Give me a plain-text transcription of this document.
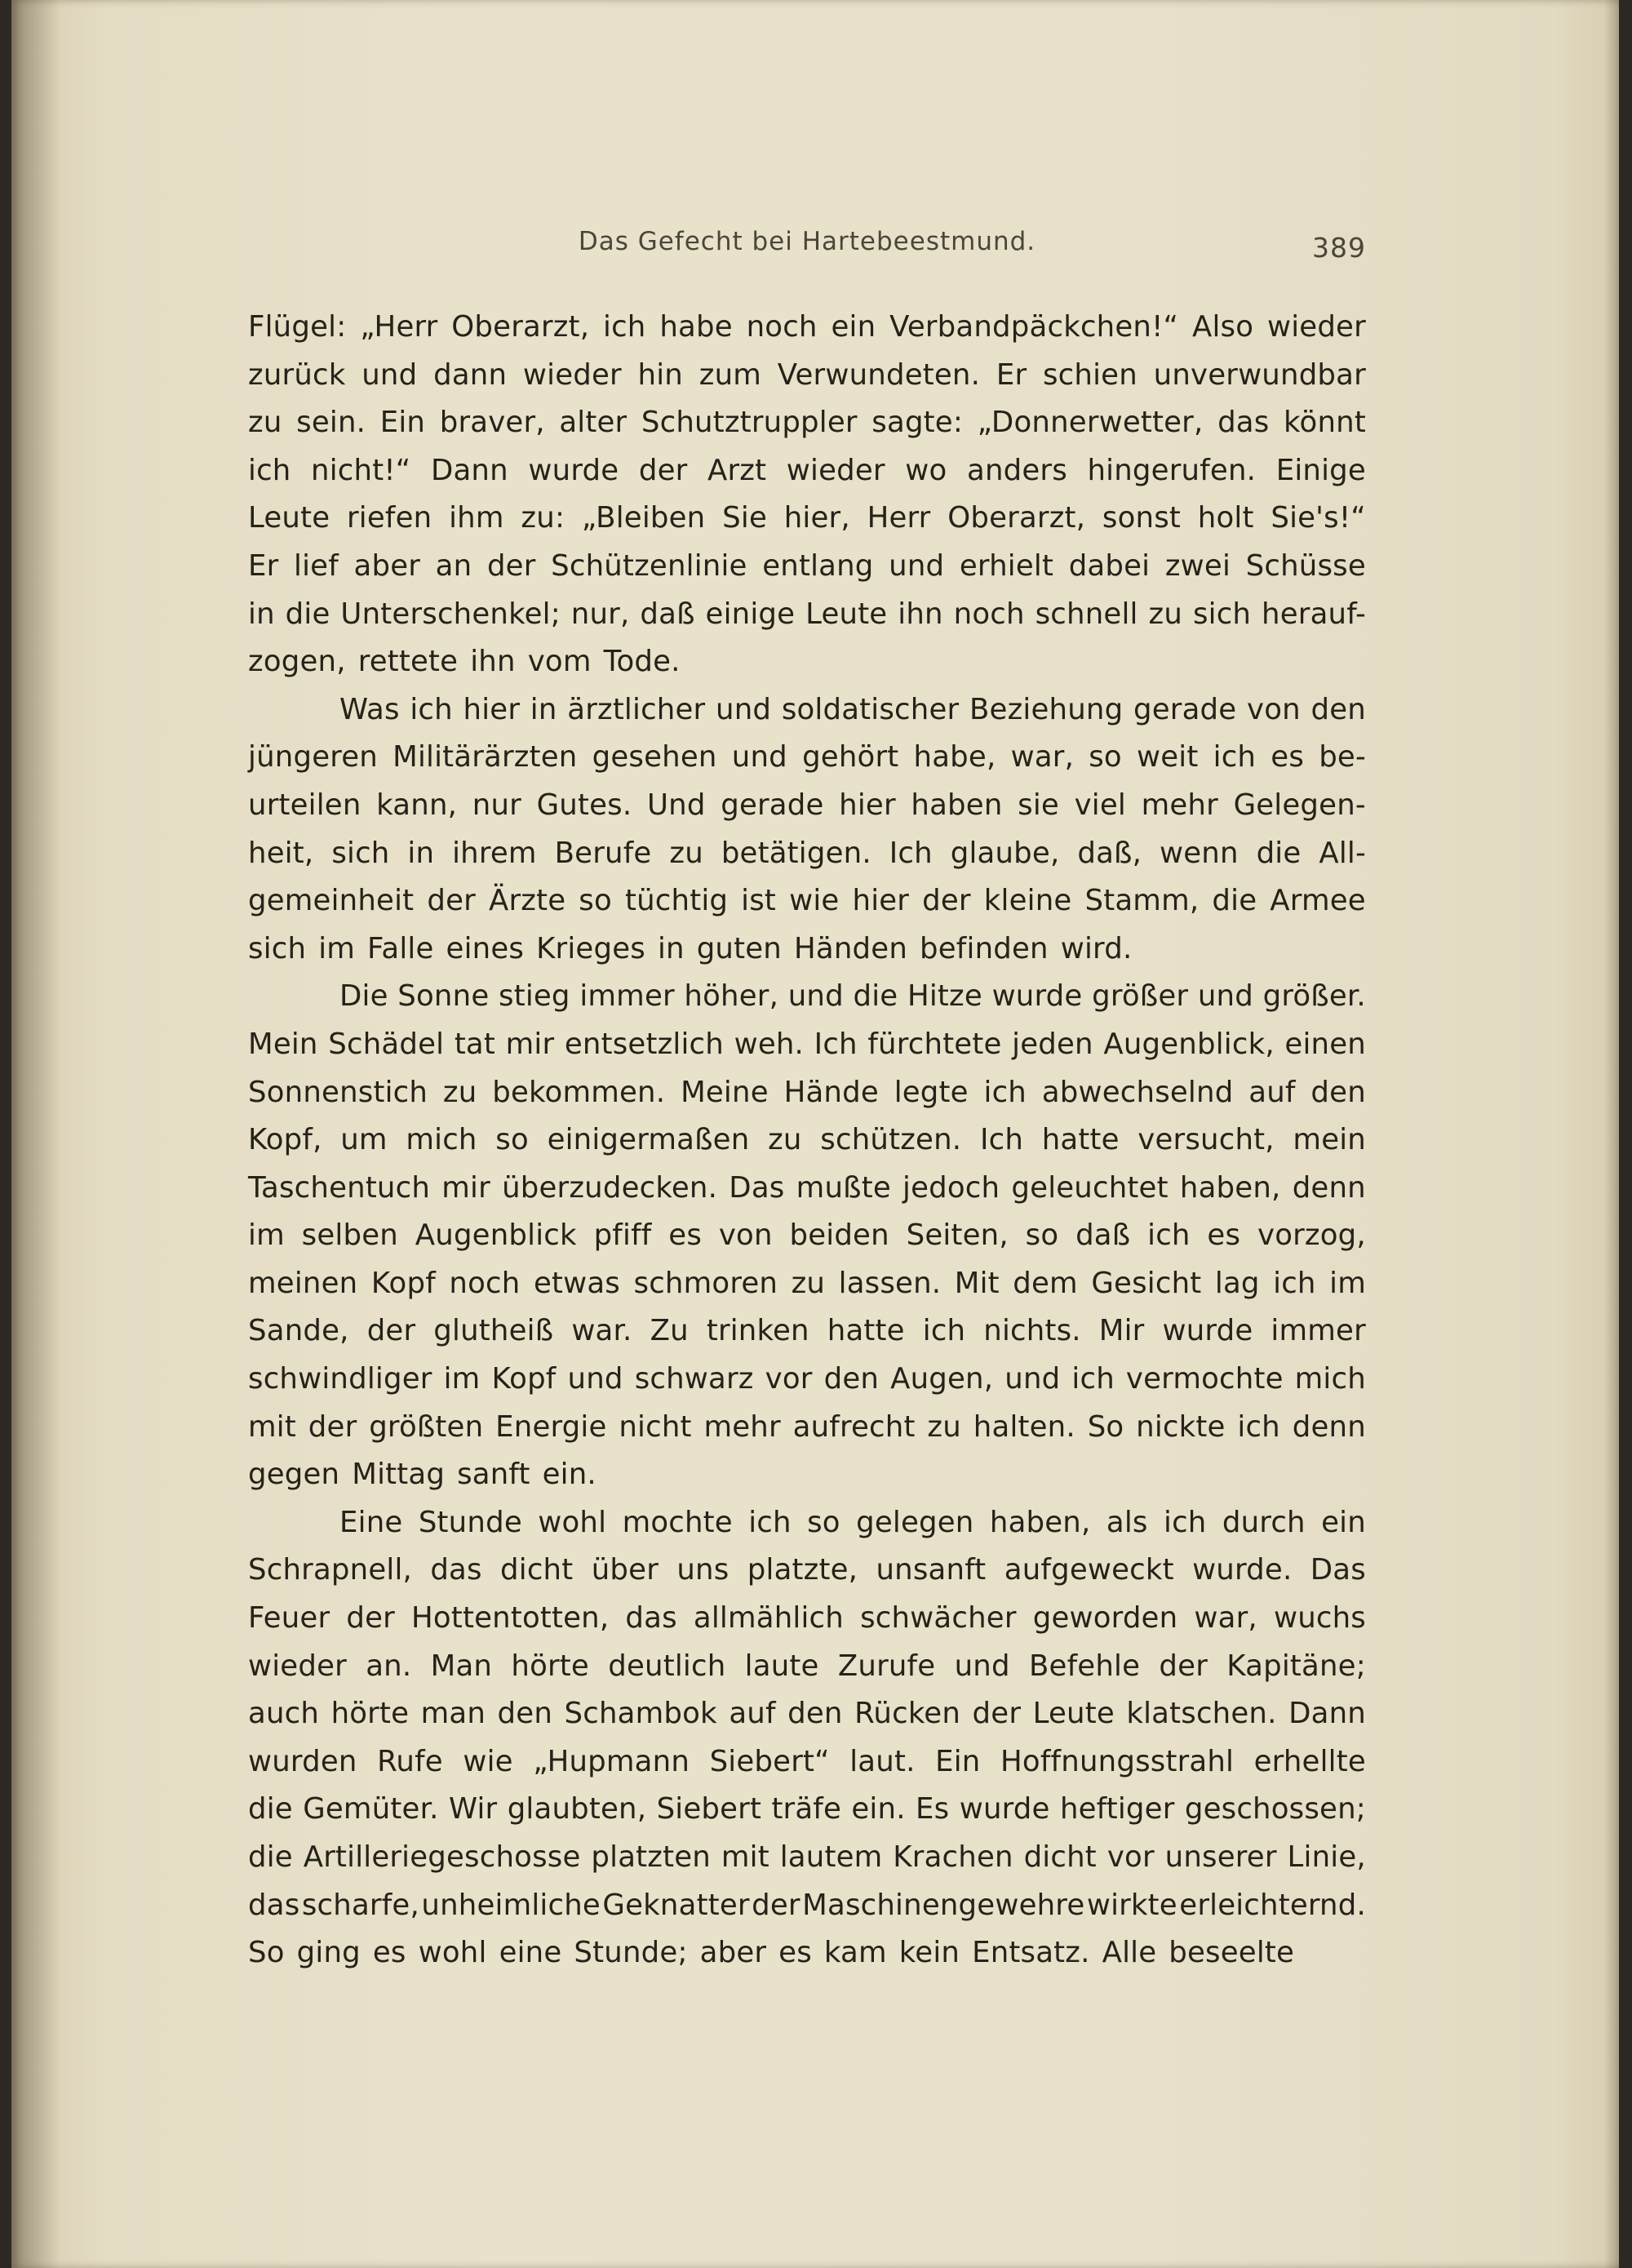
Das Gefecht bei Hartebeestmund.	389
Flügel: „Herr Oberarzt, ich habe noch ein Verbandpäckchen!“ Also wieder
zurück und dann wieder hin zum Verwundeten. Er schien unverwundbar
zu sein. Ein braver, alter Schutztruppler sagte: „Donnerwetter, das könnt
ich nicht!“ Dann wurde der Arzt wieder wo anders hingerufen. Einige
Leute riefen ihm zu: „Bleiben Sie hier, Herr Oberarzt, sonst holt Sie's!“
Er lief aber an der Schützenlinie entlang und erhielt dabei zwei Schüsse
in die Unterschenkel; nur, daß einige Leute ihn noch schnell zu sich herauf-
zogen, rettete ihn vom Tode.
Was ich hier in ärztlicher und soldatischer Beziehung gerade von den
jüngeren Militärärzten gesehen und gehört habe, war, so weit ich es be-
urteilen kann, nur Gutes. Und gerade hier haben sie viel mehr Gelegen-
heit, sich in ihrem Berufe zu betätigen. Ich glaube, daß, wenn die All-
gemeinheit der Ärzte so tüchtig ist wie hier der kleine Stamm, die Armee
sich im Falle eines Krieges in guten Händen befinden wird.
Die Sonne stieg immer höher, und die Hitze wurde größer und größer.
Mein Schädel tat mir entsetzlich weh. Ich fürchtete jeden Augenblick, einen
Sonnenstich zu bekommen. Meine Hände legte ich abwechselnd auf den
Kopf, um mich so einigermaßen zu schützen. Ich hatte versucht, mein
Taschentuch mir überzudecken. Das mußte jedoch geleuchtet haben, denn
im selben Augenblick pfiff es von beiden Seiten, so daß ich es vorzog,
meinen Kopf noch etwas schmoren zu lassen. Mit dem Gesicht lag ich im
Sande, der glutheiß war. Zu trinken hatte ich nichts. Mir wurde immer
schwindliger im Kopf und schwarz vor den Augen, und ich vermochte mich
mit der größten Energie nicht mehr aufrecht zu halten. So nickte ich denn
gegen Mittag sanft ein.
Eine Stunde wohl mochte ich so gelegen haben, als ich durch ein
Schrapnell, das dicht über uns platzte, unsanft aufgeweckt wurde. Das
Feuer der Hottentotten, das allmählich schwächer geworden war, wuchs
wieder an. Man hörte deutlich laute Zurufe und Befehle der Kapitäne;
auch hörte man den Schambok auf den Rücken der Leute klatschen. Dann
wurden Rufe wie „Hupmann Siebert“ laut. Ein Hoffnungsstrahl erhellte
die Gemüter. Wir glaubten, Siebert träfe ein. Es wurde heftiger geschossen;
die Artilleriegeschosse platzten mit lautem Krachen dicht vor unserer Linie,
das scharfe, unheimliche Geknatter der Maschinengewehre wirkte erleichternd.
So ging es wohl eine Stunde; aber es kam kein Entsatz. Alle beseelte
